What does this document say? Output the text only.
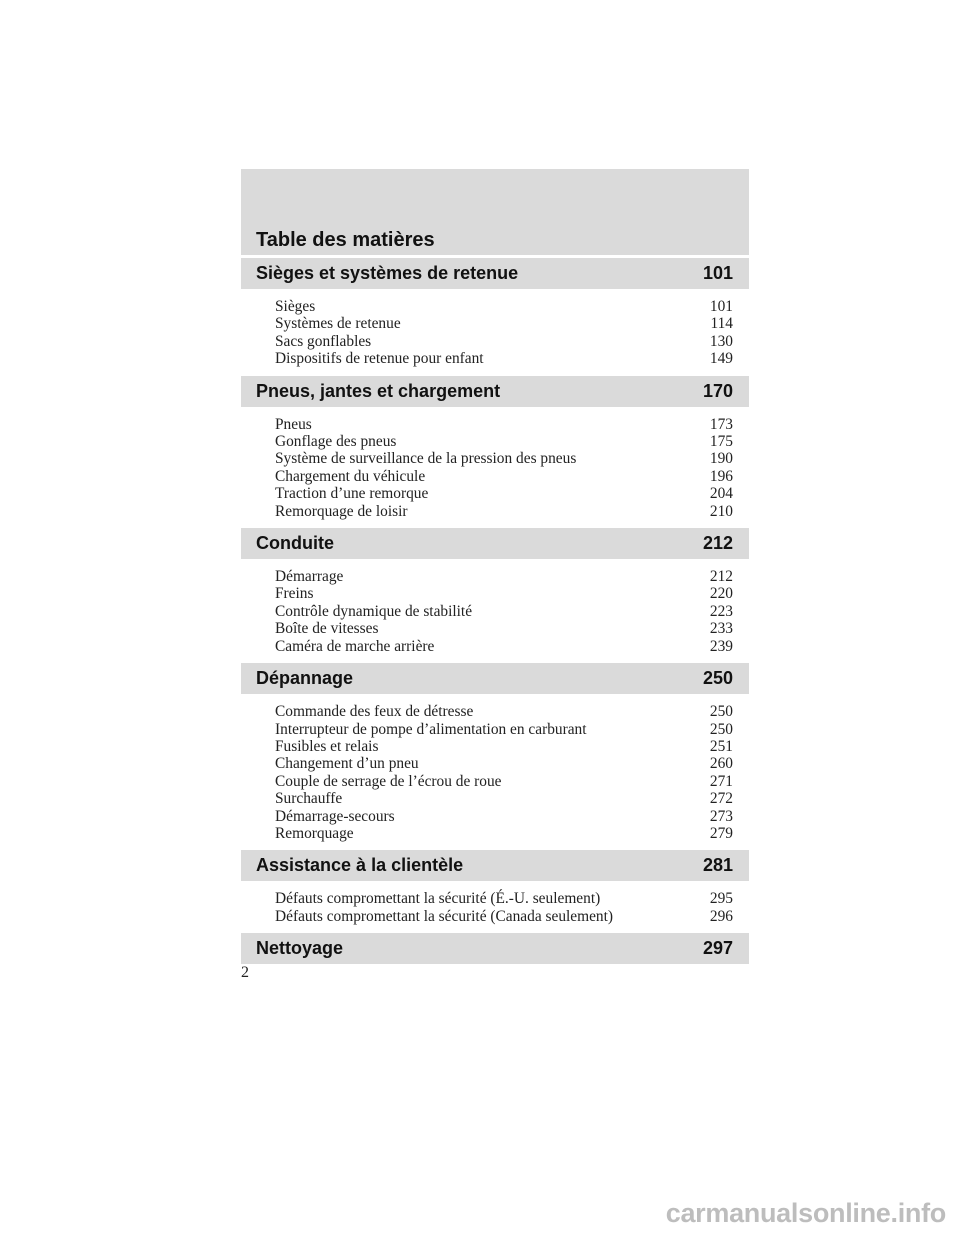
Table des matières
Sièges et systèmes de retenue	101
Sièges	101
Systèmes de retenue	114
Sacs gonflables	130
Dispositifs de retenue pour enfant	149
Pneus, jantes et chargement	170
Pneus	173
Gonflage des pneus	175
Système de surveillance de la pression des pneus	190
Chargement du véhicule	196
Traction d’une remorque	204
Remorquage de loisir	210
Conduite	212
Démarrage	212
Freins	220
Contrôle dynamique de stabilité	223
Boîte de vitesses	233
Caméra de marche arrière	239
Dépannage	250
Commande des feux de détresse	250
Interrupteur de pompe d’alimentation en carburant	250
Fusibles et relais	251
Changement d’un pneu	260
Couple de serrage de l’écrou de roue	271
Surchauffe	272
Démarrage-secours	273
Remorquage	279
Assistance à la clientèle	281
Défauts compromettant la sécurité (É.-U. seulement)	295
Défauts compromettant la sécurité (Canada seulement)	296
Nettoyage	297
2
carmanualsonline.info
